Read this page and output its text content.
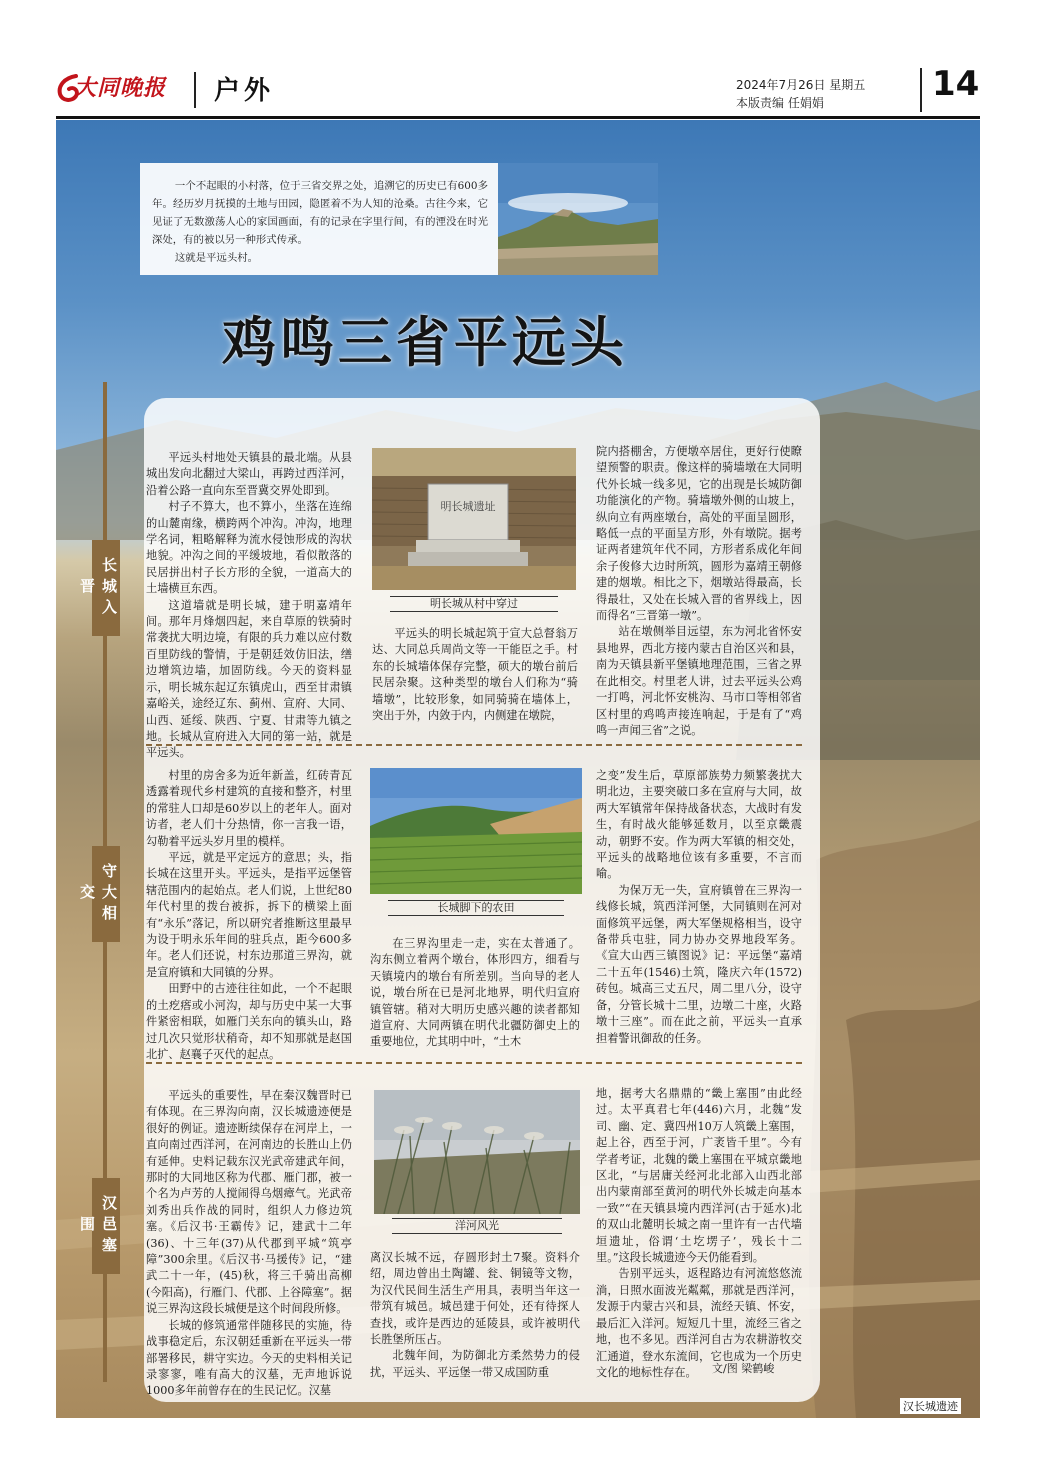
大同晚报 户外	2024年7月26日 星期五
本版责编 任娟娟	14

一个不起眼的小村落，位于三省交界之处，追溯它的历史已有600多年。经历岁月抚摸的土地与田园，隐匿着不为人知的沧桑。古往今来，它见证了无数激荡人心的家国画面，有的记录在字里行间，有的湮没在时光深处，有的被以另一种形式传承。

这就是平远头村。

鸡鸣三省平远头
长城入晋
守大相交
汉邑塞围

平远头村地处天镇县的最北端。从县城出发向北翻过大梁山，再跨过西洋河，沿着公路一直向东至晋冀交界处即到。

村子不算大，也不算小，坐落在连绵的山麓南缘，横跨两个冲沟。冲沟，地理学名词，粗略解释为流水侵蚀形成的沟状地貌。冲沟之间的平缓坡地，看似散落的民居拼出村子长方形的全貌，一道高大的土墙横亘东西。

这道墙就是明长城，建于明嘉靖年间。那年月烽烟四起，来自草原的铁骑时常袭扰大明边境，有限的兵力难以应付数百里防线的警情，于是朝廷效仿旧法，缮边增筑边墙，加固防线。今天的资料显示，明长城东起辽东镇虎山，西至甘肃镇嘉峪关，途经辽东、蓟州、宣府、大同、山西、延绥、陕西、宁夏、甘肃等九镇之地。长城从宣府进入大同的第一站，就是平远头。

明长城遗址
明长城从村中穿过

平远头的明长城起筑于宣大总督翁万达、大同总兵周尚文等一干能臣之手。村东的长城墙体保存完整，硕大的墩台前后民居杂聚。这种类型的墩台人们称为“骑墙墩”，比较形象，如同骑骑在墙体上，突出于外，内敛于内，内侧建在墩院，

院内搭棚舍，方便墩卒居住，更好行使瞭望预警的职责。像这样的骑墙墩在大同明代外长城一线多见，它的出现是长城防御功能演化的产物。骑墙墩外侧的山坡上，纵向立有两座墩台，高处的平面呈圆形，略低一点的平面呈方形，外有墩院。据考证两者建筑年代不同，方形者系成化年间余子俊修大边时所筑，圆形为嘉靖王朝修建的烟墩。相比之下，烟墩站得最高，长得最壮，又处在长城入晋的省界线上，因而得名“三晋第一墩”。

站在墩侧举目远望，东为河北省怀安县地界，西北方接内蒙古自治区兴和县，南为天镇县新平堡镇地理范围，三省之界在此相交。村里老人讲，过去平远头公鸡一打鸣，河北怀安桃沟、马市口等相邻省区村里的鸡鸣声接连响起，于是有了“鸡鸣一声闻三省”之说。

村里的房舍多为近年新盖，红砖青瓦透露着现代乡村建筑的直接和整齐，村里的常驻人口却是60岁以上的老年人。面对访者，老人们十分热情，你一言我一语，勾勒着平远头岁月里的模样。

平远，就是平定远方的意思；头，指长城在这里开头。平远头，是指平远堡管辖范围内的起始点。老人们说，上世纪80年代村里的拨台被拆，拆下的横梁上面有“永乐”落记，所以研究者推断这里最早为设于明永乐年间的驻兵点，距今600多年。老人们还说，村东边那道三界沟，就是宣府镇和大同镇的分界。

田野中的古迹往往如此，一个不起眼的土疙瘩或小河沟，却与历史中某一大事件紧密相联，如雁门关东向的镇头山，路过几次只觉形状稍奇，却不知那就是赵国北扩、赵襄子灭代的起点。

长城脚下的农田

在三界沟里走一走，实在太普通了。沟东侧立着两个墩台，体形四方，细看与天镇境内的墩台有所差别。当向导的老人说，墩台所在已是河北地界，明代归宣府镇管辖。稍对大明历史感兴趣的读者都知道宣府、大同两镇在明代北疆防御史上的重要地位，尤其明中叶，“土木

之变”发生后，草原部族势力频繁袭扰大明北边，主要突破口多在宣府与大同，故两大军镇常年保持战备状态，大战时有发生，有时战火能够延数月，以至京畿震动，朝野不安。作为两大军镇的相交处，平远头的战略地位该有多重要，不言而喻。

为保万无一失，宣府镇曾在三界沟一线修长城，筑西洋河堡，大同镇则在河对面修筑平远堡，两大军堡规格相当，设守备带兵屯驻，同力协办交界地段军务。《宣大山西三镇图说》记：平远堡“嘉靖二十五年(1546)土筑，隆庆六年(1572)砖包。城高三丈五尺，周二里八分，设守备，分管长城十二里，边墩二十座，火路墩十三座”。而在此之前，平远头一直承担着警讯御敌的任务。

平远头的重要性，早在秦汉魏晋时已有体现。在三界沟向南，汉长城遗迹便是很好的例证。遗迹断续保存在河岸上，一直向南过西洋河，在河南边的长胜山上仍有延伸。史料记载东汉光武帝建武年间，那时的大同地区称为代郡、雁门郡，被一个名为卢芳的人搅闹得乌烟瘴气。光武帝刘秀出兵作战的同时，组织人力修边筑塞。《后汉书·王霸传》记，建武十二年(36)、十三年(37)从代郡到平城“筑亭障”300余里。《后汉书·马援传》记，“建武二十一年，(45)秋，将三千骑出高柳(今阳高)，行雁门、代郡、上谷障塞”。据说三界沟这段长城便是这个时间段所修。

长城的修筑通常伴随移民的实施，待战事稳定后，东汉朝廷重新在平远头一带部署移民，耕守实边。今天的史料相关记录寥寥，唯有高大的汉墓，无声地诉说1000多年前曾存在的生民记忆。汉墓

洋河风光

离汉长城不远，存圆形封土7聚。资料介绍，周边曾出土陶罐、瓮、铜镜等文物，为汉代民间生活生产用具，表明当年这一带筑有城邑。城邑建于何处，还有待探人查找，或许是西边的延陵县，或许被明代长胜堡所压占。

北魏年间，为防御北方柔然势力的侵扰，平远头、平远堡一带又成国防重

地，据考大名鼎鼎的“畿上塞围”由此经过。太平真君七年(446)六月，北魏“发司、幽、定、冀四州10万人筑畿上塞围，起上谷，西至于河，广袤皆千里”。今有学者考证，北魏的畿上塞围在平城京畿地区北，“与居庸关经河北北部入山西北部出内蒙南部至黄河的明代外长城走向基本一致”“在天镇县境内西洋河(古于延水)北的双山北麓明长城之南一里许有一古代墙垣遗址，俗谓‘土圪塄子’，残长十二里。”这段长城遗迹今天仍能看到。

告别平远头，返程路边有河流悠悠流淌，日照水面波光粼粼，那就是西洋河，发源于内蒙古兴和县，流经天镇、怀安，最后汇入洋河。短短几十里，流经三省之地，也不多见。西洋河自古为农耕游牧交汇通道，登水东流间，它也成为一个历史文化的地标性存在。	文/图 梁鹤峻
汉长城遗迹
